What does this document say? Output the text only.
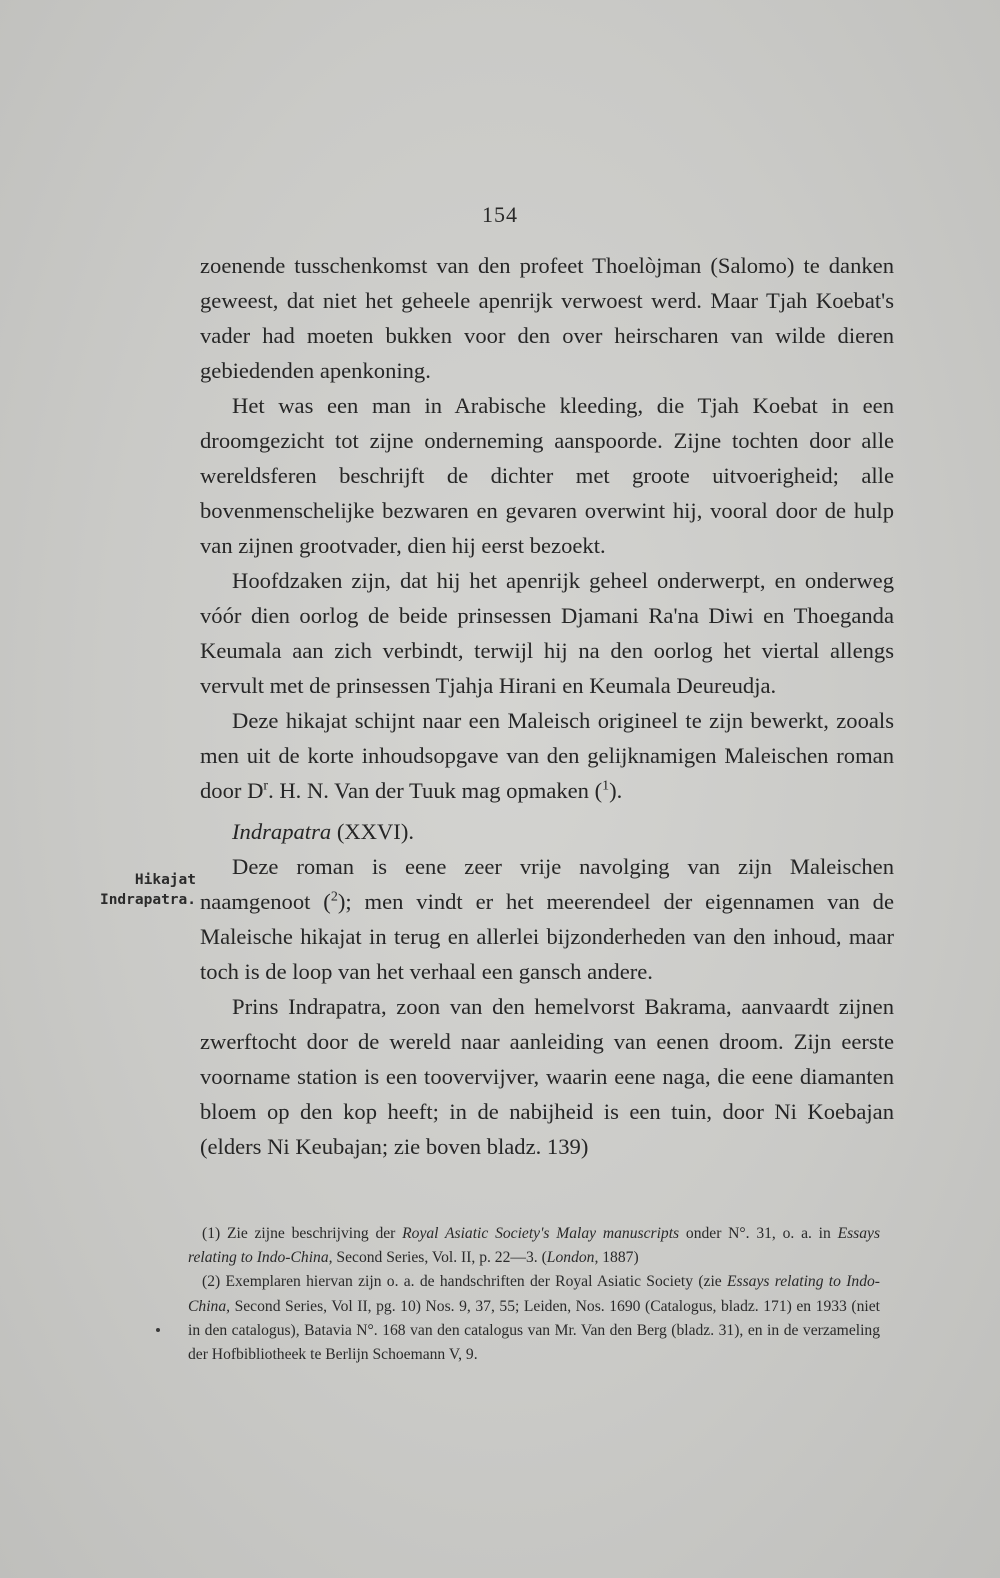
154
Hikajat
Indrapatra.

zoenende tusschenkomst van den profeet Thoelòjman (Salomo) te danken geweest, dat niet het geheele apenrijk verwoest werd. Maar Tjah Koebat's vader had moeten bukken voor den over heirscharen van wilde dieren gebiedenden apenkoning.

Het was een man in Arabische kleeding, die Tjah Koebat in een droomgezicht tot zijne onderneming aanspoorde. Zijne tochten door alle wereldsferen beschrijft de dichter met groote uitvoerigheid; alle bovenmenschelijke bezwaren en gevaren overwint hij, vooral door de hulp van zijnen grootvader, dien hij eerst bezoekt.

Hoofdzaken zijn, dat hij het apenrijk geheel onderwerpt, en onderweg vóór dien oorlog de beide prinsessen Djamani Ra'na Diwi en Thoeganda Keumala aan zich verbindt, terwijl hij na den oorlog het viertal allengs vervult met de prinsessen Tjahja Hirani en Keumala Deureudja.

Deze hikajat schijnt naar een Maleisch origineel te zijn bewerkt, zooals men uit de korte inhoudsopgave van den gelijknamigen Maleischen roman door $D^r$. H. N. Van der Tuuk mag opmaken ($^1$).

Indrapatra (XXVI).

Deze roman is eene zeer vrije navolging van zijn Maleischen naamgenoot ($^2$); men vindt er het meerendeel der eigennamen van de Maleische hikajat in terug en allerlei bijzonderheden van den inhoud, maar toch is de loop van het verhaal een gansch andere.

Prins Indrapatra, zoon van den hemelvorst Bakrama, aanvaardt zijnen zwerftocht door de wereld naar aanleiding van eenen droom. Zijn eerste voorname station is een toovervijver, waarin eene naga, die eene diamanten bloem op den kop heeft; in de nabijheid is een tuin, door Ni Koebajan (elders Ni Keubajan; zie boven bladz. 139)

(1) Zie zijne beschrijving der Royal Asiatic Society's Malay manuscripts onder N°. 31, o. a. in Essays relating to Indo-China, Second Series, Vol. II, p. 22—3. (London, 1887)

(2) Exemplaren hiervan zijn o. a. de handschriften der Royal Asiatic Society (zie Essays relating to Indo-China, Second Series, Vol II, pg. 10) Nos. 9, 37, 55; Leiden, Nos. 1690 (Catalogus, bladz. 171) en 1933 (niet in den catalogus), Batavia N°. 168 van den catalogus van Mr. Van den Berg (bladz. 31), en in de verzameling der Hofbibliotheek te Berlijn Schoemann V, 9.
